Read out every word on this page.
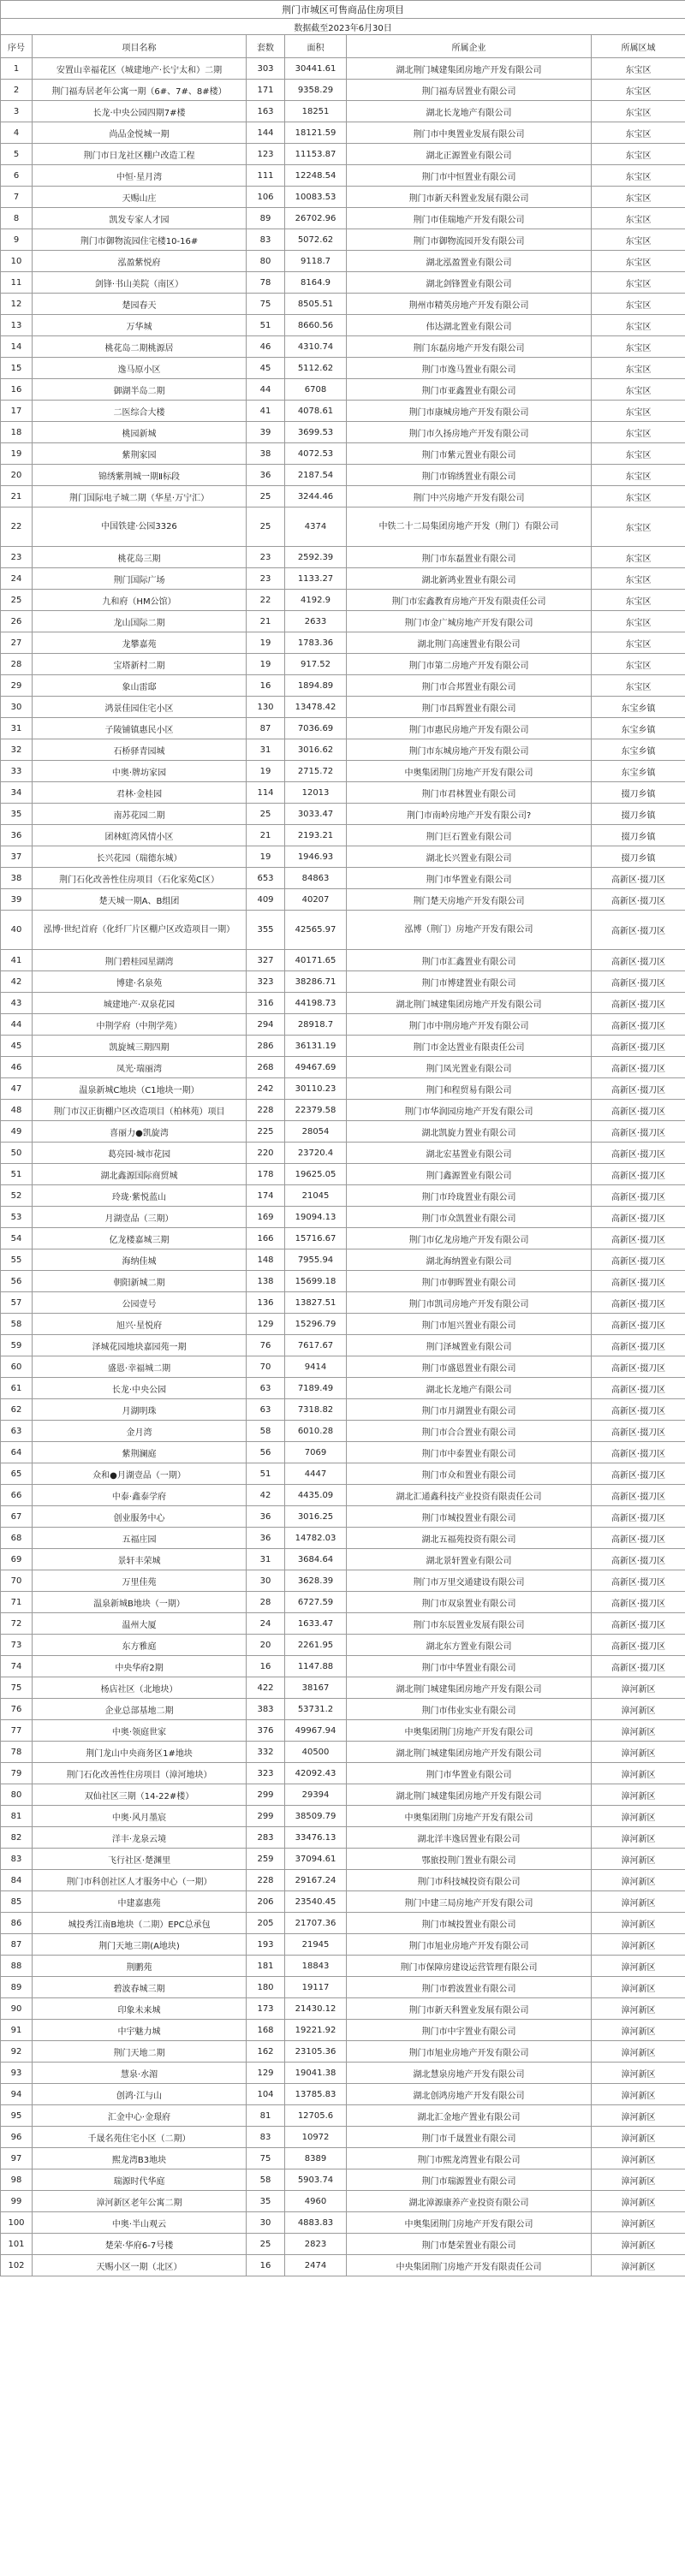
荆门市城区可售商品住房项目					
数据截至2023年6月30日					
序号	项目名称	套数	面积	所属企业	所属区域
1	安置山幸福花区（城建地产·长宁太和）二期	303	30441.61	湖北荆门城建集团房地产开发有限公司	东宝区
2	荆门福寿居老年公寓一期（6#、7#、8#楼）	171	9358.29	荆门福寿居置业有限公司	东宝区
3	长龙·中央公园四期7#楼	163	18251	湖北长龙地产有限公司	东宝区
4	尚品金悦城一期	144	18121.59	荆门市中奥置业发展有限公司	东宝区
5	荆门市日龙社区棚户改造工程	123	11153.87	湖北正源置业有限公司	东宝区
6	中恒·星月湾	111	12248.54	荆门市中恒置业有限公司	东宝区
7	天赐山庄	106	10083.53	荆门市新天科置业发展有限公司	东宝区
8	凯发专家人才园	89	26702.96	荆门市佳瑞地产开发有限公司	东宝区
9	荆门市御物流园住宅楼10-16#	83	5072.62	荆门市御物流园开发有限公司	东宝区
10	泓盈紫悦府	80	9118.7	湖北泓盈置业有限公司	东宝区
11	剑锋·书山美院（南区）	78	8164.9	湖北剑锋置业有限公司	东宝区
12	楚园春天	75	8505.51	荆州市精英房地产开发有限公司	东宝区
13	万华城	51	8660.56	伟达湖北置业有限公司	东宝区
14	桃花岛二期桃源居	46	4310.74	荆门东磊房地产开发有限公司	东宝区
15	逸马原小区	45	5112.62	荆门市逸马置业有限公司	东宝区
16	御湖半岛二期	44	6708	荆门市亚鑫置业有限公司	东宝区
17	二医综合大楼	41	4078.61	荆门市康城房地产开发有限公司	东宝区
18	桃园新城	39	3699.53	荆门市久扬房地产开发有限公司	东宝区
19	紫荆家园	38	4072.53	荆门市紫元置业有限公司	东宝区
20	锦绣紫荆城一期Ⅱ标段	36	2187.54	荆门市锦绣置业有限公司	东宝区
21	荆门国际电子城二期（华星·万宁汇）	25	3244.46	荆门中兴房地产开发有限公司	东宝区
22	中国铁建·公园3326	25	4374	中铁二十二局集团房地产开发（荆门）有限公司	东宝区
23	桃花岛三期	23	2592.39	荆门市东磊置业有限公司	东宝区
24	荆门国际广场	23	1133.27	湖北新鸿业置业有限公司	东宝区
25	九和府（HM公馆）	22	4192.9	荆门市宏鑫教育房地产开发有限责任公司	东宝区
26	龙山国际二期	21	2633	荆门市金广城房地产开发有限公司	东宝区
27	龙攀嘉苑	19	1783.36	湖北荆门高速置业有限公司	东宝区
28	宝塔新村二期	19	917.52	荆门市第二房地产开发有限公司	东宝区
29	象山雷邸	16	1894.89	荆门市合邦置业有限公司	东宝区
30	鸿景佳园住宅小区	130	13478.42	荆门市昌辉置业有限公司	东宝乡镇
31	子陵铺镇惠民小区	87	7036.69	荆门市惠民房地产开发有限公司	东宝乡镇
32	石桥驿青园城	31	3016.62	荆门市东城房地产开发有限公司	东宝乡镇
33	中奥·牌坊家园	19	2715.72	中奥集团荆门房地产开发有限公司	东宝乡镇
34	君林·金桂园	114	12013	荆门市君林置业有限公司	掇刀乡镇
35	南苏花园二期	25	3033.47	荆门市南岭房地产开发有限公司?	掇刀乡镇
36	团林虹湾风情小区	21	2193.21	荆门巨石置业有限公司	掇刀乡镇
37	长兴花园（瑞德东城）	19	1946.93	湖北长兴置业有限公司	掇刀乡镇
38	荆门石化改善性住房项目（石化家苑C区）	653	84863	荆门市华置业有限公司	高新区·掇刀区
39	楚天城一期A、B组团	409	40207	荆门楚天房地产开发有限公司	高新区·掇刀区
40	泓博·世纪首府（化纤厂片区棚户区改造项目一期）	355	42565.97	泓博（荆门）房地产开发有限公司	高新区·掇刀区
41	荆门碧桂园星湖湾	327	40171.65	荆门市汇鑫置业有限公司	高新区·掇刀区
42	博建·名泉苑	323	38286.71	荆门市博建置业有限公司	高新区·掇刀区
43	城建地产·双泉花园	316	44198.73	湖北荆门城建集团房地产开发有限公司	高新区·掇刀区
44	中荆学府（中荆学苑）	294	28918.7	荆门市中荆房地产开发有限公司	高新区·掇刀区
45	凯旋城三期四期	286	36131.19	荆门市金达置业有限责任公司	高新区·掇刀区
46	凤光·瑞丽湾	268	49467.69	荆门凤光置业有限公司	高新区·掇刀区
47	温泉新城C地块（C1地块一期）	242	30110.23	荆门和程贸易有限公司	高新区·掇刀区
48	荆门市汉正街棚户区改造项目（柏林苑）项目	228	22379.58	荆门市华润园房地产开发有限公司	高新区·掇刀区
49	喜丽力●凯旋湾	225	28054	湖北凯旋力置业有限公司	高新区·掇刀区
50	葛亮园·城市花园	220	23720.4	湖北宏基置业有限公司	高新区·掇刀区
51	湖北鑫源国际商贸城	178	19625.05	荆门鑫源置业有限公司	高新区·掇刀区
52	玲珑·紫悦蓝山	174	21045	荆门市玲珑置业有限公司	高新区·掇刀区
53	月湖壹品（三期）	169	19094.13	荆门市众凯置业有限公司	高新区·掇刀区
54	亿龙楼嘉城三期	166	15716.67	荆门市亿龙房地产开发有限公司	高新区·掇刀区
55	海纳佳城	148	7955.94	湖北海纳置业有限公司	高新区·掇刀区
56	朝阳新城二期	138	15699.18	荆门市朝晖置业有限公司	高新区·掇刀区
57	公园壹号	136	13827.51	荆门市凯司房地产开发有限公司	高新区·掇刀区
58	旭兴·星悦府	129	15296.79	荆门市旭兴置业有限公司	高新区·掇刀区
59	泽城花园地块嘉园苑一期	76	7617.67	荆门泽城置业有限公司	高新区·掇刀区
60	盛恩·幸福城二期	70	9414	荆门市盛恩置业有限公司	高新区·掇刀区
61	长龙·中央公园	63	7189.49	湖北长龙地产有限公司	高新区·掇刀区
62	月湖明珠	63	7318.82	荆门市月湖置业有限公司	高新区·掇刀区
63	金月湾	58	6010.28	荆门市合合置业有限公司	高新区·掇刀区
64	紫荆澜庭	56	7069	荆门市中泰置业有限公司	高新区·掇刀区
65	众和●月湖壹品（一期）	51	4447	荆门市众和置业有限公司	高新区·掇刀区
66	中泰·鑫泰学府	42	4435.09	湖北汇通鑫科技产业投资有限责任公司	高新区·掇刀区
67	创业服务中心	36	3016.25	荆门市城投置业有限公司	高新区·掇刀区
68	五福庄园	36	14782.03	湖北五福苑投资有限公司	高新区·掇刀区
69	景轩丰荣城	31	3684.64	湖北景轩置业有限公司	高新区·掇刀区
70	万里佳苑	30	3628.39	荆门市万里交通建设有限公司	高新区·掇刀区
71	温泉新城B地块（一期）	28	6727.59	荆门市双泉置业有限公司	高新区·掇刀区
72	温州大厦	24	1633.47	荆门市东辰置业发展有限公司	高新区·掇刀区
73	东方雅庭	20	2261.95	湖北东方置业有限公司	高新区·掇刀区
74	中央华府2期	16	1147.88	荆门市中华置业有限公司	高新区·掇刀区
75	杨店社区（北地块）	422	38167	湖北荆门城建集团房地产开发有限公司	漳河新区
76	企业总部基地二期	383	53731.2	荆门市伟业实业有限公司	漳河新区
77	中奥·领庭世家	376	49967.94	中奥集团荆门房地产开发有限公司	漳河新区
78	荆门龙山中央商务区1#地块	332	40500	湖北荆门城建集团房地产开发有限公司	漳河新区
79	荆门石化改善性住房项目（漳河地块）	323	42092.43	荆门市华置业有限公司	漳河新区
80	双仙社区三期（14-22#楼）	299	29394	湖北荆门城建集团房地产开发有限公司	漳河新区
81	中奥·风月墨宸	299	38509.79	中奥集团荆门房地产开发有限公司	漳河新区
82	洋丰·龙泉云境	283	33476.13	湖北洋丰逸居置业有限公司	漳河新区
83	飞行社区·楚渊里	259	37094.61	鄂旅投荆门置业有限公司	漳河新区
84	荆门市科创社区人才服务中心（一期）	228	29167.24	荆门市科技城投资有限公司	漳河新区
85	中建嘉惠苑	206	23540.45	荆门中建三局房地产开发有限公司	漳河新区
86	城投秀江南B地块（二期）EPC总承包	205	21707.36	荆门市城投置业有限公司	漳河新区
87	荆门天地三期(A地块)	193	21945	荆门市旭业房地产开发有限公司	漳河新区
88	荆鹏苑	181	18843	荆门市保障房建设运营管理有限公司	漳河新区
89	碧波春城三期	180	19117	荆门市碧波置业有限公司	漳河新区
90	印象未来城	173	21430.12	荆门市新天科置业发展有限公司	漳河新区
91	中宇魅力城	168	19221.92	荆门市中宇置业有限公司	漳河新区
92	荆门天地二期	162	23105.36	荆门市旭业房地产开发有限公司	漳河新区
93	慧泉·水湄	129	19041.38	湖北慧泉房地产开发有限公司	漳河新区
94	创鸿·江与山	104	13785.83	湖北创鸿房地产开发有限公司	漳河新区
95	汇金中心·金璟府	81	12705.6	湖北汇金地产置业有限公司	漳河新区
96	千晟名苑住宅小区（二期）	83	10972	荆门市千晟置业有限公司	漳河新区
97	熙龙湾B3地块	75	8389	荆门市熙龙湾置业有限公司	漳河新区
98	瑞源时代华庭	58	5903.74	荆门市瑞源置业有限公司	漳河新区
99	漳河新区老年公寓二期	35	4960	湖北漳源康养产业投资有限公司	漳河新区
100	中奥·半山观云	30	4883.83	中奥集团荆门房地产开发有限公司	漳河新区
101	楚荣·华府6-7号楼	25	2823	荆门市楚荣置业有限公司	漳河新区
102	天赐小区一期（北区）	16	2474	中央集团荆门房地产开发有限责任公司	漳河新区
